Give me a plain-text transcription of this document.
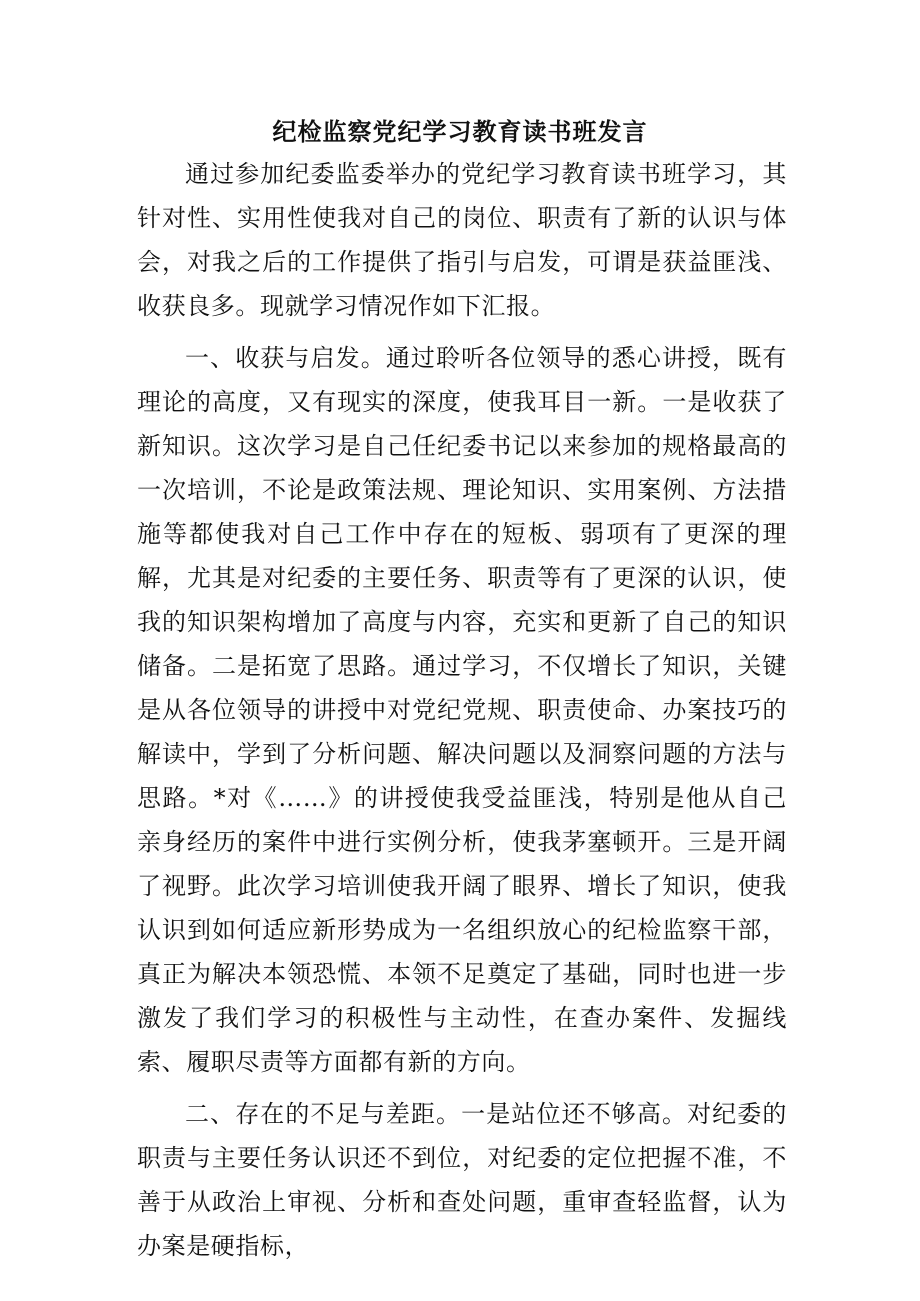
纪检监察党纪学习教育读书班发言

通过参加纪委监委举办的党纪学习教育读书班学习，其针对性、实用性使我对自己的岗位、职责有了新的认识与体会，对我之后的工作提供了指引与启发，可谓是获益匪浅、收获良多。现就学习情况作如下汇报。

一、收获与启发。通过聆听各位领导的悉心讲授，既有理论的高度，又有现实的深度，使我耳目一新。一是收获了新知识。这次学习是自己任纪委书记以来参加的规格最高的一次培训，不论是政策法规、理论知识、实用案例、方法措施等都使我对自己工作中存在的短板、弱项有了更深的理解，尤其是对纪委的主要任务、职责等有了更深的认识，使我的知识架构增加了高度与内容，充实和更新了自己的知识储备。二是拓宽了思路。通过学习，不仅增长了知识，关键是从各位领导的讲授中对党纪党规、职责使命、办案技巧的解读中，学到了分析问题、解决问题以及洞察问题的方法与思路。*对《……》的讲授使我受益匪浅，特别是他从自己亲身经历的案件中进行实例分析，使我茅塞顿开。三是开阔了视野。此次学习培训使我开阔了眼界、增长了知识，使我认识到如何适应新形势成为一名组织放心的纪检监察干部，真正为解决本领恐慌、本领不足奠定了基础，同时也进一步激发了我们学习的积极性与主动性，在查办案件、发掘线索、履职尽责等方面都有新的方向。

二、存在的不足与差距。一是站位还不够高。对纪委的职责与主要任务认识还不到位，对纪委的定位把握不准，不善于从政治上审视、分析和查处问题，重审查轻监督，认为办案是硬指标，
